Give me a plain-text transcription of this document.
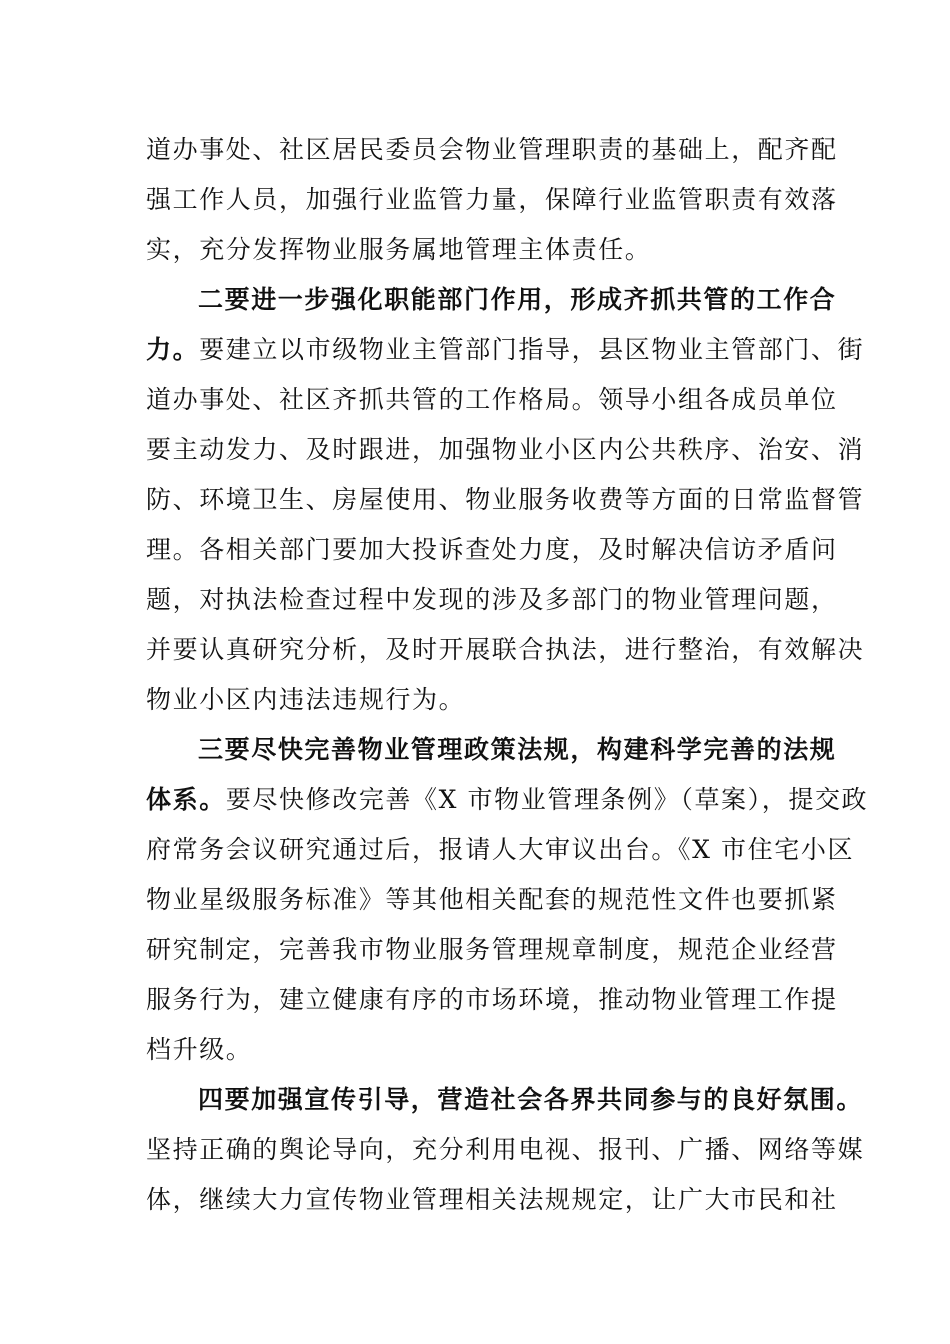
道办事处、社区居民委员会物业管理职责的基础上，配齐配
强工作人员，加强行业监管力量，保障行业监管职责有效落
实，充分发挥物业服务属地管理主体责任。
二要进一步强化职能部门作用，形成齐抓共管的工作合
力。要建立以市级物业主管部门指导，县区物业主管部门、街
道办事处、社区齐抓共管的工作格局。领导小组各成员单位
要主动发力、及时跟进，加强物业小区内公共秩序、治安、消
防、环境卫生、房屋使用、物业服务收费等方面的日常监督管
理。各相关部门要加大投诉查处力度，及时解决信访矛盾问
题，对执法检查过程中发现的涉及多部门的物业管理问题，
并要认真研究分析，及时开展联合执法，进行整治，有效解决
物业小区内违法违规行为。
三要尽快完善物业管理政策法规，构建科学完善的法规
体系。要尽快修改完善《X 市物业管理条例》（草案），提交政
府常务会议研究通过后，报请人大审议出台。《X 市住宅小区
物业星级服务标准》等其他相关配套的规范性文件也要抓紧
研究制定，完善我市物业服务管理规章制度，规范企业经营
服务行为，建立健康有序的市场环境，推动物业管理工作提
档升级。
四要加强宣传引导，营造社会各界共同参与的良好氛围。
坚持正确的舆论导向，充分利用电视、报刊、广播、网络等媒
体，继续大力宣传物业管理相关法规规定，让广大市民和社
